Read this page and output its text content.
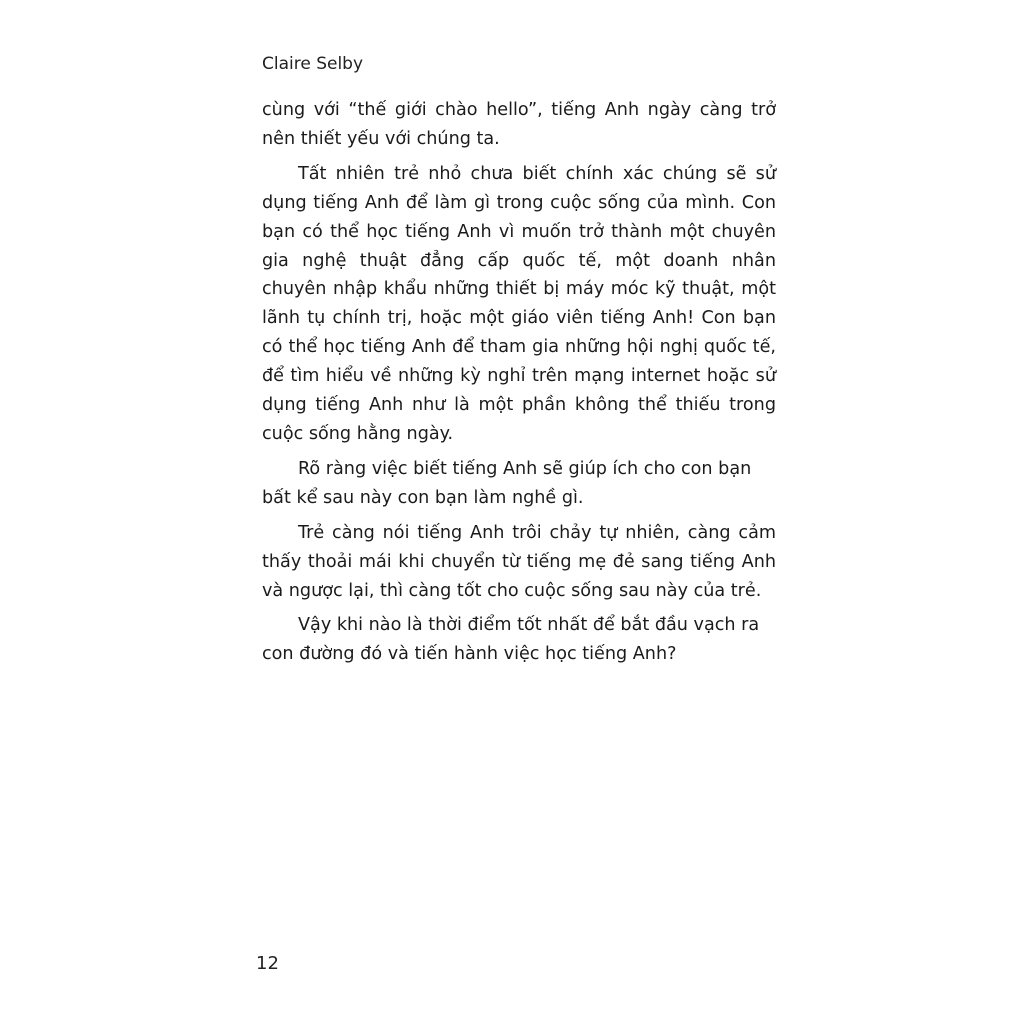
Claire Selby

cùng với “thế giới chào hello”, tiếng Anh ngày càng trở nên thiết yếu với chúng ta.

Tất nhiên trẻ nhỏ chưa biết chính xác chúng sẽ sử dụng tiếng Anh để làm gì trong cuộc sống của mình. Con bạn có thể học tiếng Anh vì muốn trở thành một chuyên gia nghệ thuật đẳng cấp quốc tế, một doanh nhân chuyên nhập khẩu những thiết bị máy móc kỹ thuật, một lãnh tụ chính trị, hoặc một giáo viên tiếng Anh! Con bạn có thể học tiếng Anh để tham gia những hội nghị quốc tế, để tìm hiểu về những kỳ nghỉ trên mạng internet hoặc sử dụng tiếng Anh như là một phần không thể thiếu trong cuộc sống hằng ngày.

Rõ ràng việc biết tiếng Anh sẽ giúp ích cho con bạn bất kể sau này con bạn làm nghề gì.

Trẻ càng nói tiếng Anh trôi chảy tự nhiên, càng cảm thấy thoải mái khi chuyển từ tiếng mẹ đẻ sang tiếng Anh và ngược lại, thì càng tốt cho cuộc sống sau này của trẻ.

Vậy khi nào là thời điểm tốt nhất để bắt đầu vạch ra con đường đó và tiến hành việc học tiếng Anh?

12
